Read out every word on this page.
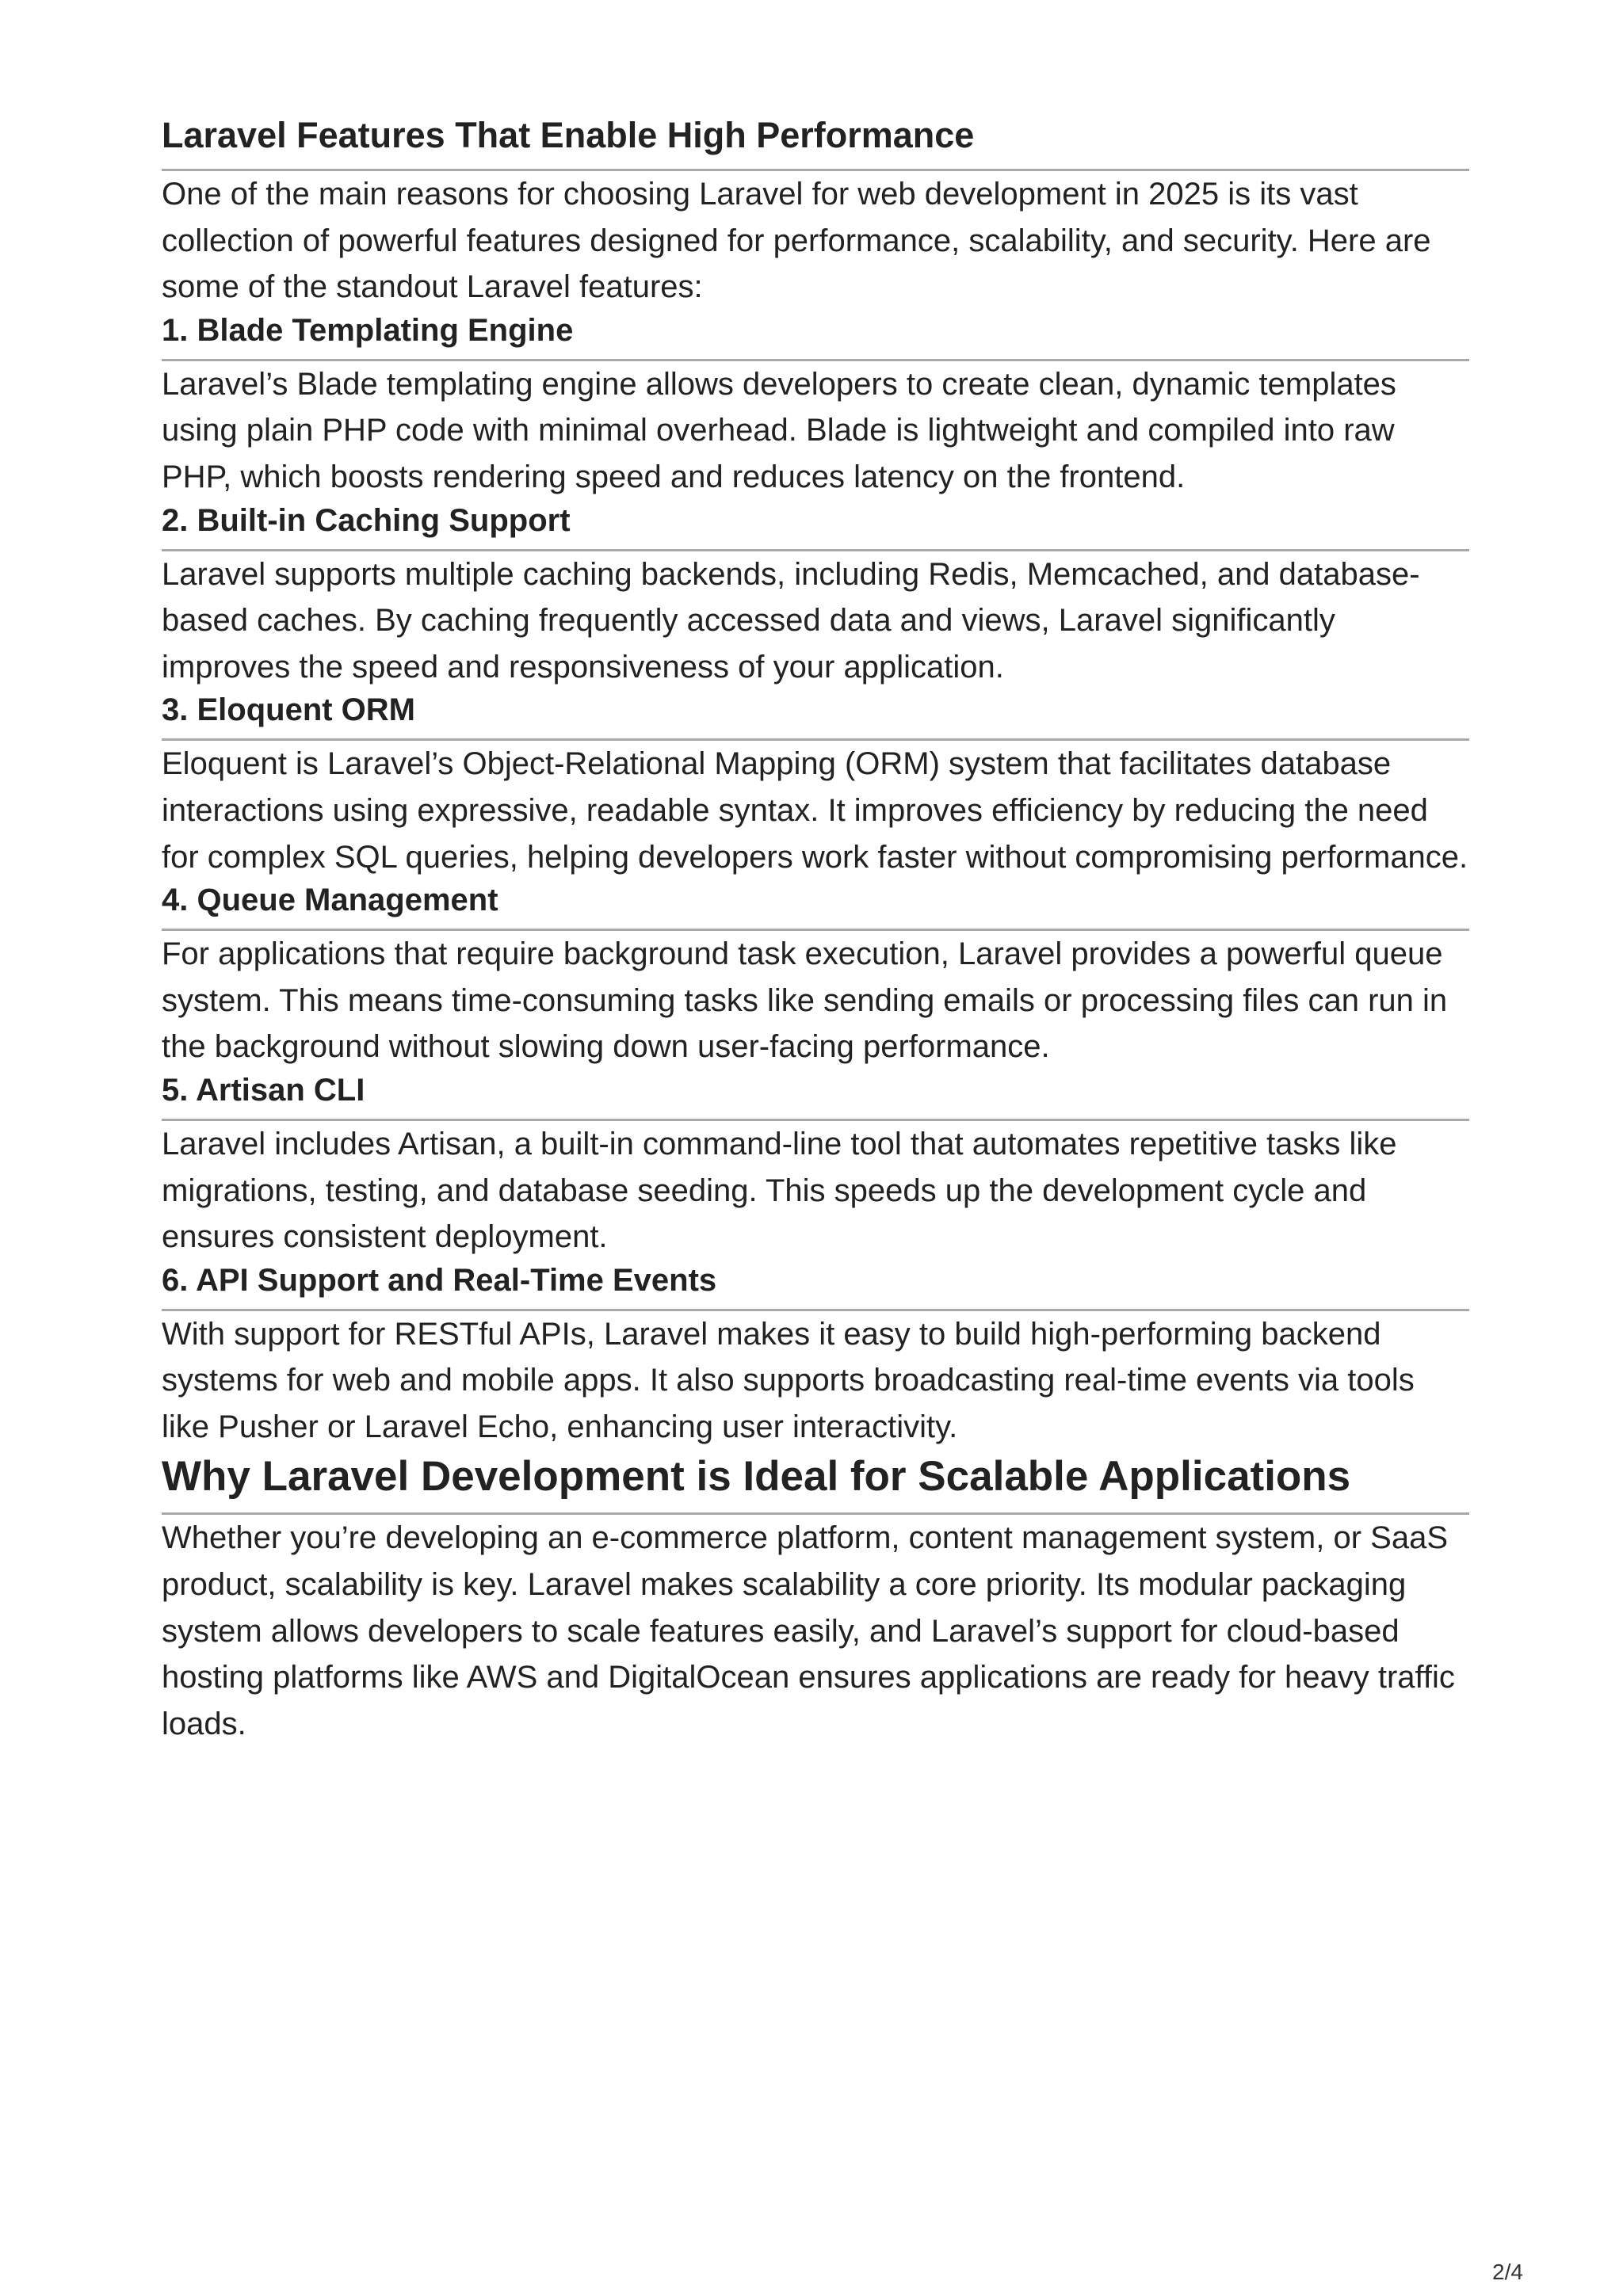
Laravel Features That Enable High Performance

One of the main reasons for choosing Laravel for web development in 2025 is its vast collection of powerful features designed for performance, scalability, and security. Here are some of the standout Laravel features:

1. Blade Templating Engine

Laravel’s Blade templating engine allows developers to create clean, dynamic templates using plain PHP code with minimal overhead. Blade is lightweight and compiled into raw PHP, which boosts rendering speed and reduces latency on the frontend.

2. Built-in Caching Support

Laravel supports multiple caching backends, including Redis, Memcached, and database-based caches. By caching frequently accessed data and views, Laravel significantly improves the speed and responsiveness of your application.

3. Eloquent ORM

Eloquent is Laravel’s Object-Relational Mapping (ORM) system that facilitates database interactions using expressive, readable syntax. It improves efficiency by reducing the need for complex SQL queries, helping developers work faster without compromising performance.

4. Queue Management

For applications that require background task execution, Laravel provides a powerful queue system. This means time-consuming tasks like sending emails or processing files can run in the background without slowing down user-facing performance.

5. Artisan CLI

Laravel includes Artisan, a built-in command-line tool that automates repetitive tasks like migrations, testing, and database seeding. This speeds up the development cycle and ensures consistent deployment.

6. API Support and Real-Time Events

With support for RESTful APIs, Laravel makes it easy to build high-performing backend systems for web and mobile apps. It also supports broadcasting real-time events via tools like Pusher or Laravel Echo, enhancing user interactivity.

Why Laravel Development is Ideal for Scalable Applications

Whether you’re developing an e-commerce platform, content management system, or SaaS product, scalability is key. Laravel makes scalability a core priority. Its modular packaging system allows developers to scale features easily, and Laravel’s support for cloud-based hosting platforms like AWS and DigitalOcean ensures applications are ready for heavy traffic loads.

2/4
